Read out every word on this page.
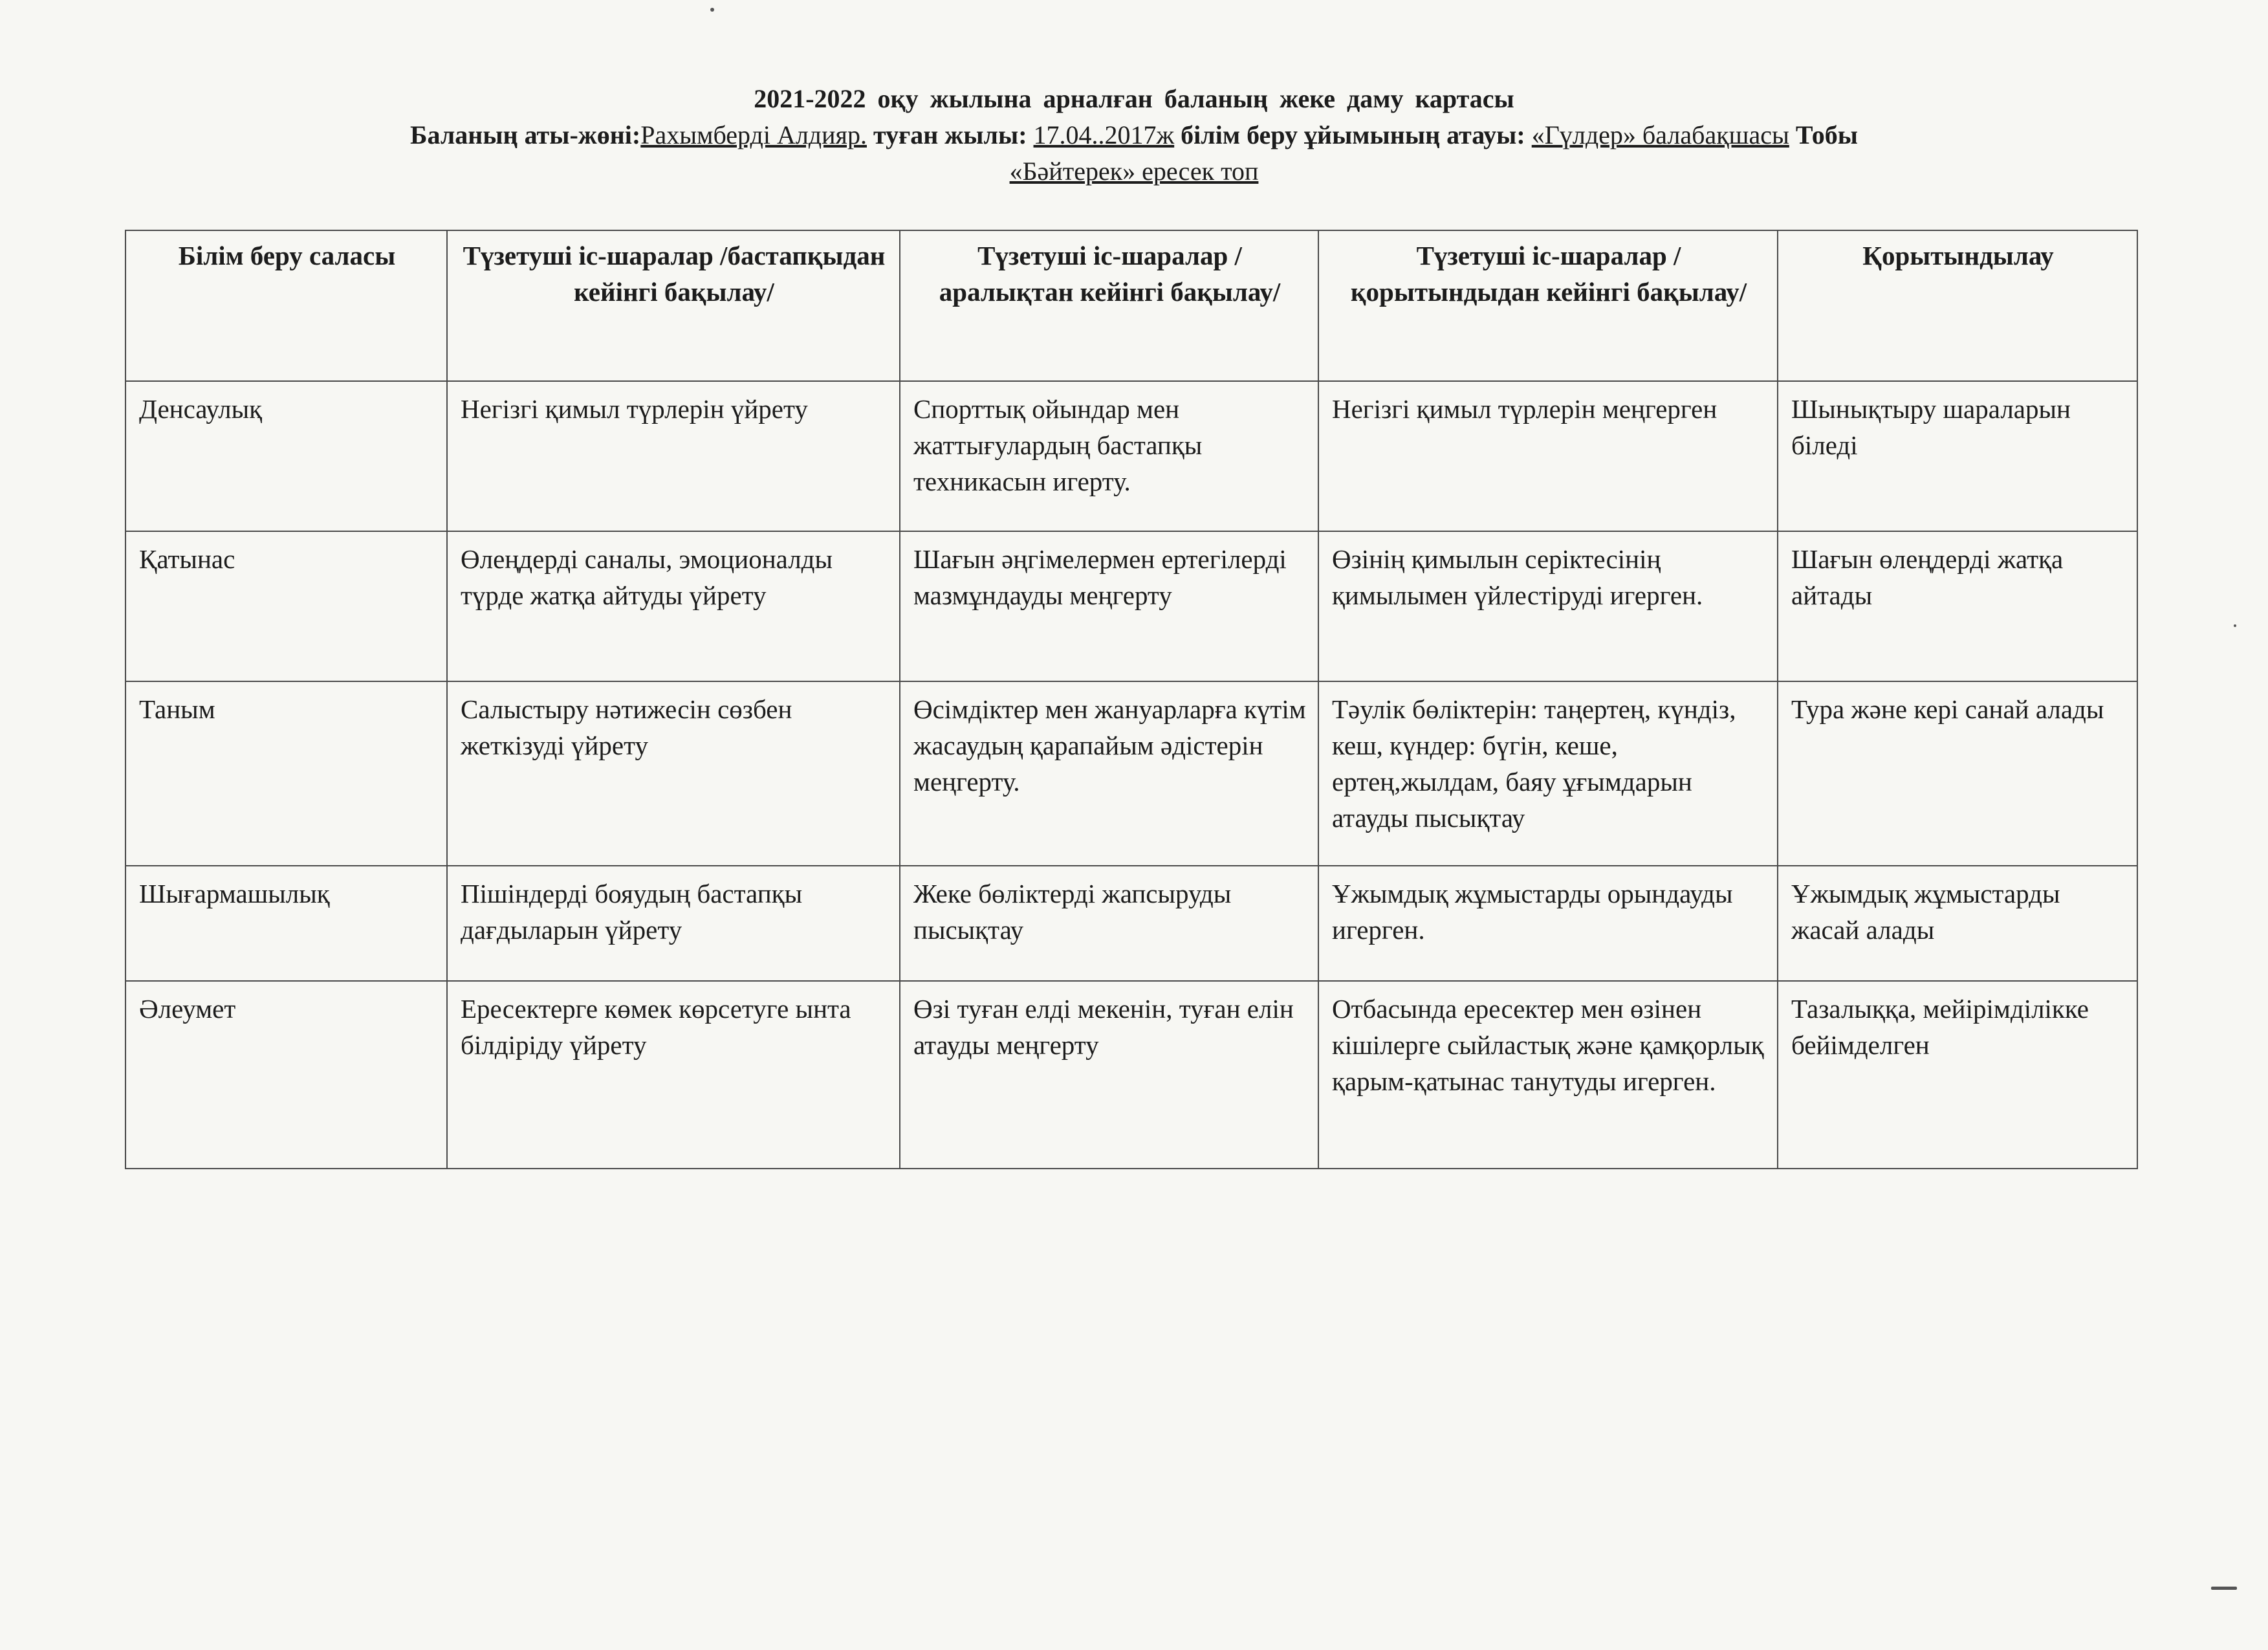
2021-2022 оқу жылына арналған баланың жеке даму картасы
Баланың аты-жөні:Рахымберді Алдияр. туған жылы: 17.04..2017ж білім беру ұйымының атауы: «Гүлдер» балабақшасы Тобы
«Бәйтерек» ересек топ
Білім беру саласы	Түзетуші іс-шаралар /бастапқыдан кейінгі бақылау/	Түзетуші іс-шаралар / аралықтан кейінгі бақылау/	Түзетуші іс-шаралар / қорытындыдан кейінгі бақылау/	Қорытындылау
Денсаулық	Негізгі қимыл түрлерін үйрету	Спорттық ойындар мен жаттығулардың бастапқы техникасын игерту.	Негізгі қимыл түрлерін меңгерген	Шынықтыру шараларын біледі
Қатынас	Өлеңдерді саналы, эмоционалды түрде жатқа айтуды үйрету	Шағын әңгімелермен ертегілерді мазмұндауды меңгерту	Өзінің қимылын серіктесінің қимылымен үйлестіруді игерген.	Шағын өлеңдерді жатқа айтады
Таным	Салыстыру нәтижесін сөзбен жеткізуді үйрету	Өсімдіктер мен жануарларға күтім жасаудың қарапайым әдістерін меңгерту.	Тәулік бөліктерін: таңертең, күндіз, кеш, күндер: бүгін, кеше, ертең,жылдам, баяу ұғымдарын атауды пысықтау	Тура және кері санай алады
Шығармашылық	Пішіндерді бояудың бастапқы дағдыларын үйрету	Жеке бөліктерді жапсыруды пысықтау	Ұжымдық жұмыстарды орындауды игерген.	Ұжымдық жұмыстарды жасай алады
Әлеумет	Ересектерге көмек көрсетуге ынта білдіріду үйрету	Өзі туған елді мекенін, туған елін атауды меңгерту	Отбасында ересектер мен өзінен кішілерге сыйластық және қамқорлық қарым-қатынас танутуды игерген.	Тазалыққа, мейірімділікке бейімделген
